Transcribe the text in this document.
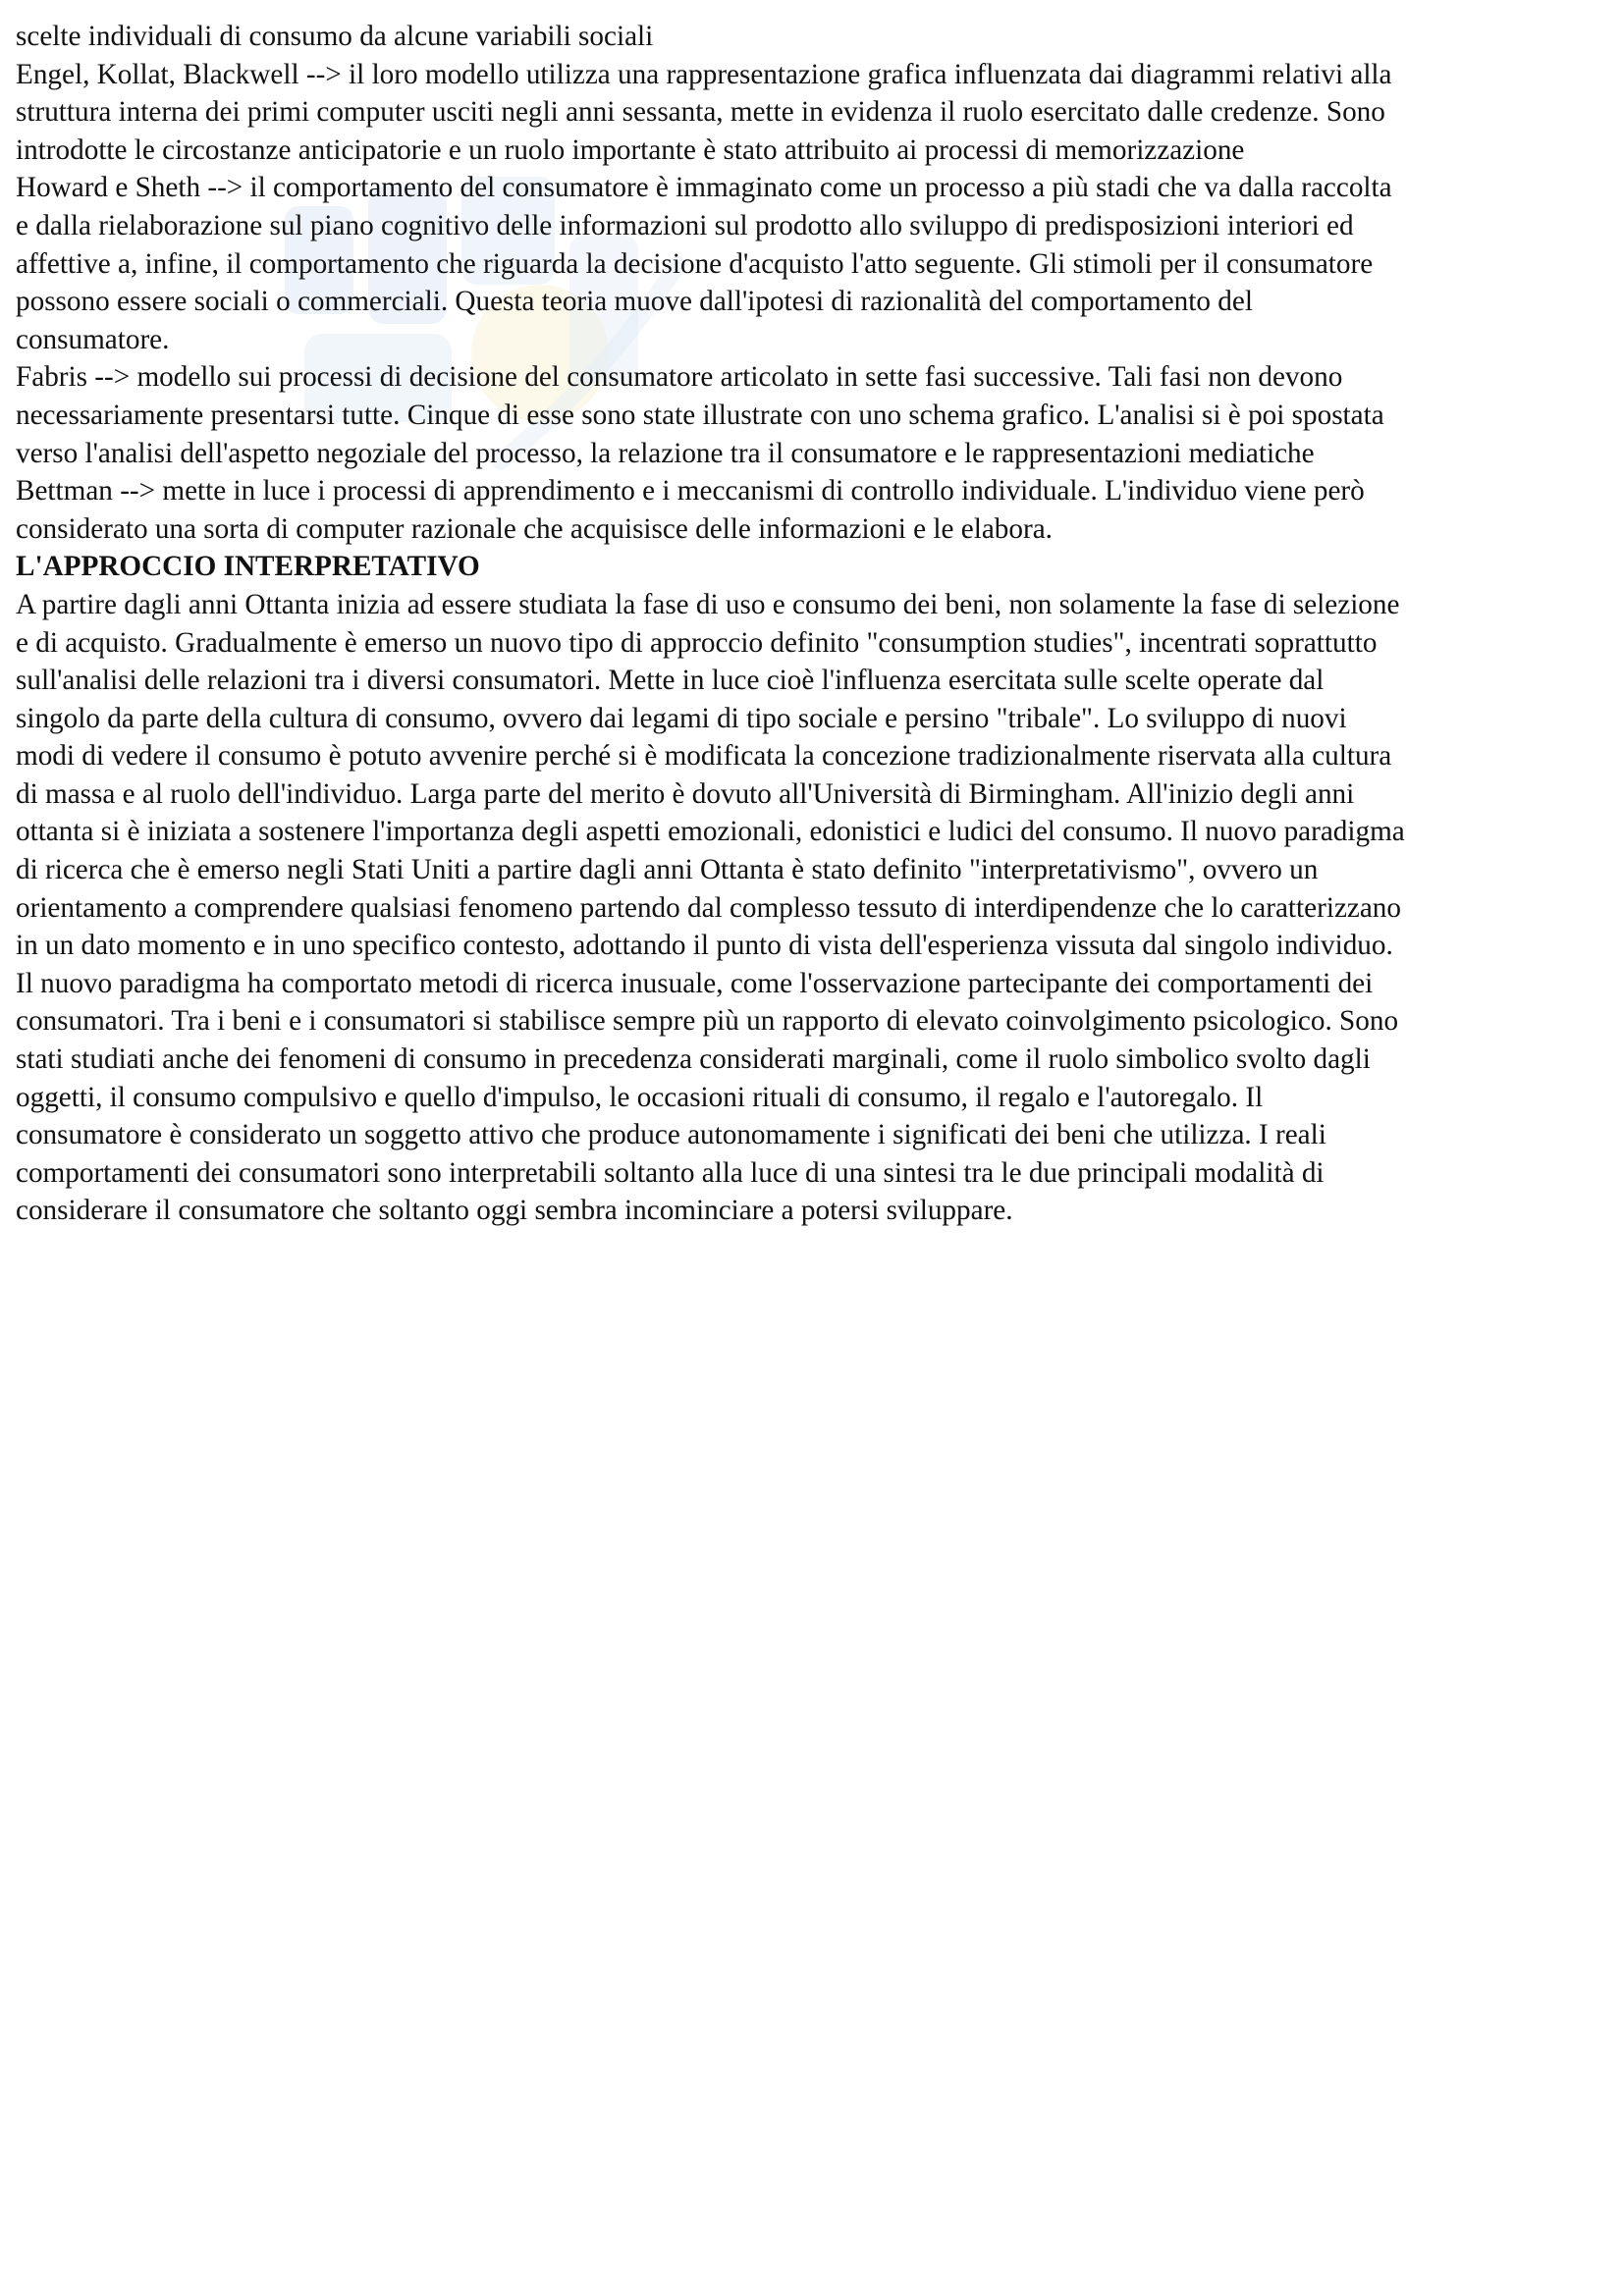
scelte individuali di consumo da alcune variabili sociali
Engel, Kollat, Blackwell --> il loro modello utilizza una rappresentazione grafica influenzata dai diagrammi relativi alla
struttura interna dei primi computer usciti negli anni sessanta, mette in evidenza il ruolo esercitato dalle credenze. Sono
introdotte le circostanze anticipatorie e un ruolo importante è stato attribuito ai processi di memorizzazione
Howard e Sheth --> il comportamento del consumatore è immaginato come un processo a più stadi che va dalla raccolta
e dalla rielaborazione sul piano cognitivo delle informazioni sul prodotto allo sviluppo di predisposizioni interiori ed
affettive a, infine, il comportamento che riguarda la decisione d'acquisto l'atto seguente. Gli stimoli per il consumatore
possono essere sociali o commerciali. Questa teoria muove dall'ipotesi di razionalità del comportamento del
consumatore.
Fabris --> modello sui processi di decisione del consumatore articolato in sette fasi successive. Tali fasi non devono
necessariamente presentarsi tutte. Cinque di esse sono state illustrate con uno schema grafico. L'analisi si è poi spostata
verso l'analisi dell'aspetto negoziale del processo, la relazione tra il consumatore e le rappresentazioni mediatiche
Bettman --> mette in luce i processi di apprendimento e i meccanismi di controllo individuale. L'individuo viene però
considerato una sorta di computer razionale che acquisisce delle informazioni e le elabora.
L'APPROCCIO INTERPRETATIVO
A partire dagli anni Ottanta inizia ad essere studiata la fase di uso e consumo dei beni, non solamente la fase di selezione
e di acquisto. Gradualmente è emerso un nuovo tipo di approccio definito "consumption studies", incentrati soprattutto
sull'analisi delle relazioni tra i diversi consumatori. Mette in luce cioè l'influenza esercitata sulle scelte operate dal
singolo da parte della cultura di consumo, ovvero dai legami di tipo sociale e persino "tribale". Lo sviluppo di nuovi
modi di vedere il consumo è potuto avvenire perché si è modificata la concezione tradizionalmente riservata alla cultura
di massa e al ruolo dell'individuo. Larga parte del merito è dovuto all'Università di Birmingham. All'inizio degli anni
ottanta si è iniziata a sostenere l'importanza degli aspetti emozionali, edonistici e ludici del consumo. Il nuovo paradigma
di ricerca che è emerso negli Stati Uniti a partire dagli anni Ottanta è stato definito "interpretativismo", ovvero un
orientamento a comprendere qualsiasi fenomeno partendo dal complesso tessuto di interdipendenze che lo caratterizzano
in un dato momento e in uno specifico contesto, adottando il punto di vista dell'esperienza vissuta dal singolo individuo.
Il nuovo paradigma ha comportato metodi di ricerca inusuale, come l'osservazione partecipante dei comportamenti dei
consumatori. Tra i beni e i consumatori si stabilisce sempre più un rapporto di elevato coinvolgimento psicologico. Sono
stati studiati anche dei fenomeni di consumo in precedenza considerati marginali, come il ruolo simbolico svolto dagli
oggetti, il consumo compulsivo e quello d'impulso, le occasioni rituali di consumo, il regalo e l'autoregalo. Il
consumatore è considerato un soggetto attivo che produce autonomamente i significati dei beni che utilizza. I reali
comportamenti dei consumatori sono interpretabili soltanto alla luce di una sintesi tra le due principali modalità di
considerare il consumatore che soltanto oggi sembra incominciare a potersi sviluppare.
